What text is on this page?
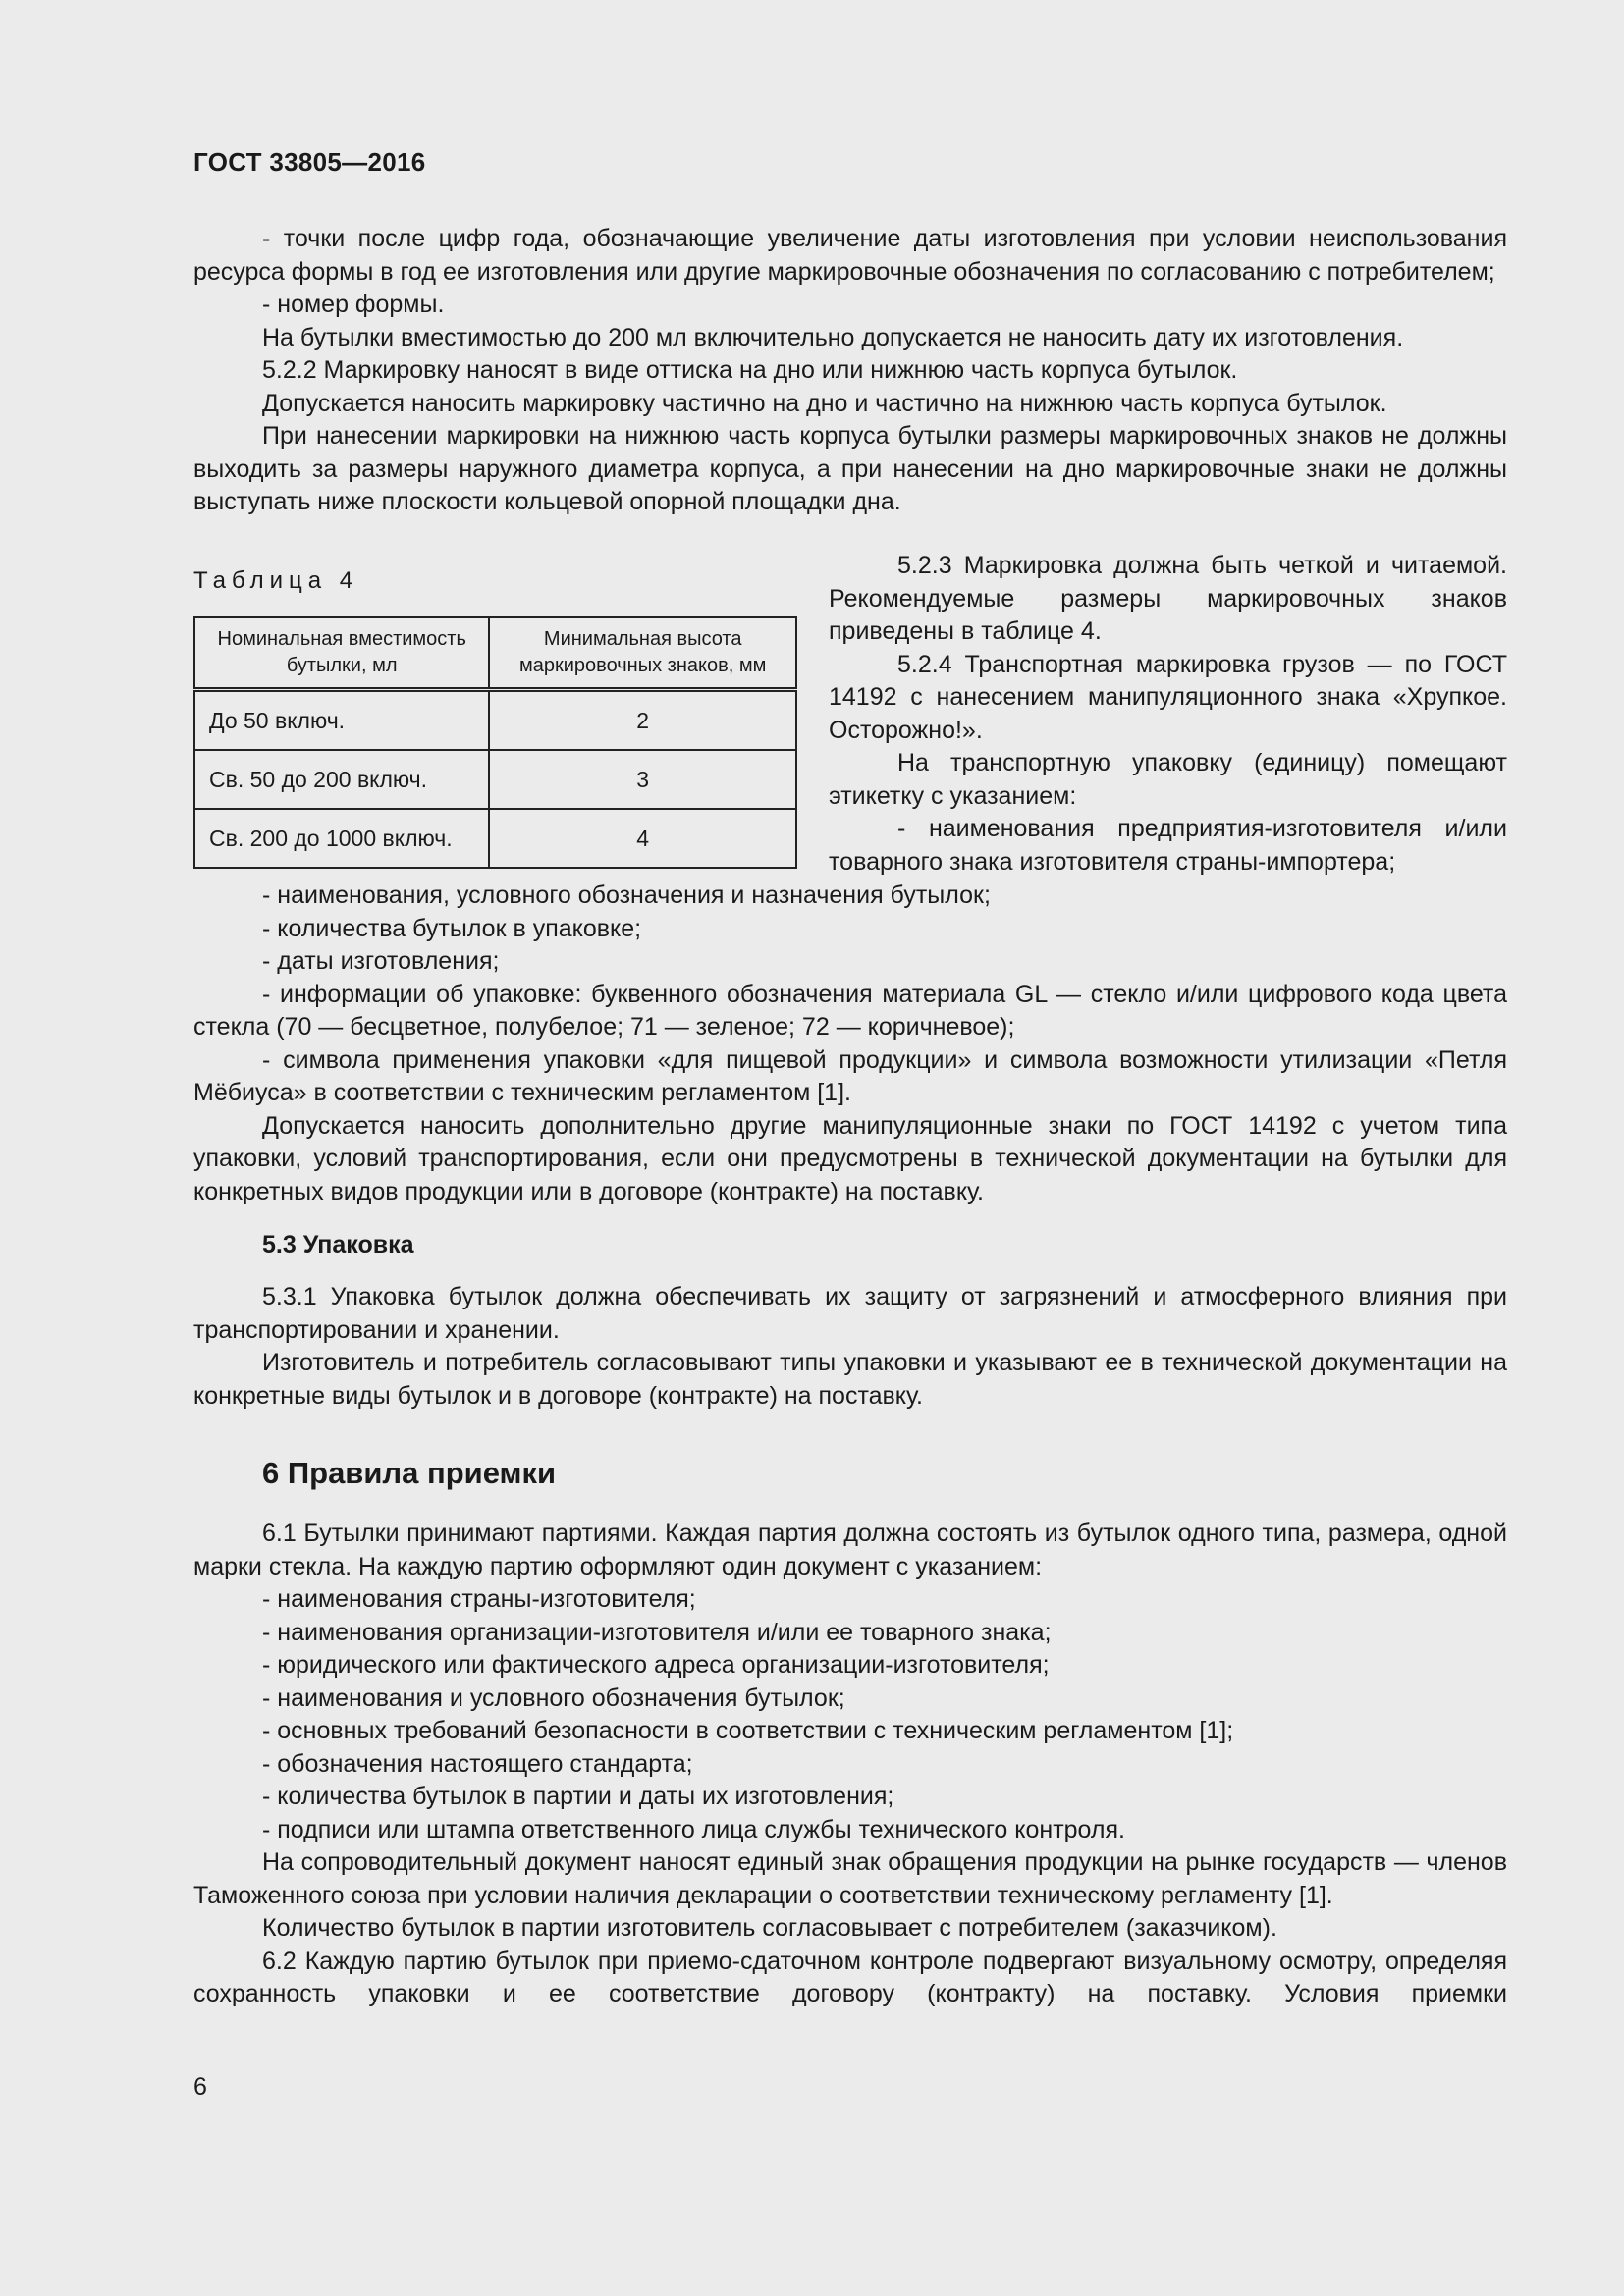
ГОСТ 33805—2016

- точки после цифр года, обозначающие увеличение даты изготовления при условии неиспользования ресурса формы в год ее изготовления или другие маркировочные обозначения по согласованию с потребителем;

- номер формы.

На бутылки вместимостью до 200 мл включительно допускается не наносить дату их изготовления.

5.2.2 Маркировку наносят в виде оттиска на дно или нижнюю часть корпуса бутылок.

Допускается наносить маркировку частично на дно и частично на нижнюю часть корпуса бутылок.

При нанесении маркировки на нижнюю часть корпуса бутылки размеры маркировочных знаков не должны выходить за размеры наружного диаметра корпуса, а при нанесении на дно маркировочные знаки не должны выступать ниже плоскости кольцевой опорной площадки дна.

Таблица 4
Номинальная вместимость бутылки, мл	Минимальная высота маркировочных знаков, мм
До 50 включ.	2
Св. 50 до 200 включ.	3
Св. 200 до 1000 включ.	4

5.2.3 Маркировка должна быть четкой и читаемой. Рекомендуемые размеры маркировочных знаков приведены в таблице 4.

5.2.4 Транспортная маркировка грузов — по ГОСТ 14192 с нанесением манипуляционного знака «Хрупкое. Осторожно!».

На транспортную упаковку (единицу) помещают этикетку с указанием:

- наименования предприятия-изготовителя и/или товарного знака изготовителя страны-импортера;

- наименования, условного обозначения и назначения бутылок;

- количества бутылок в упаковке;

- даты изготовления;

- информации об упаковке: буквенного обозначения материала GL — стекло и/или цифрового кода цвета стекла (70 — бесцветное, полубелое; 71 — зеленое; 72 — коричневое);

- символа применения упаковки «для пищевой продукции» и символа возможности утилизации «Петля Мёбиуса» в соответствии с техническим регламентом [1].

Допускается наносить дополнительно другие манипуляционные знаки по ГОСТ 14192 с учетом типа упаковки, условий транспортирования, если они предусмотрены в технической документации на бутылки для конкретных видов продукции или в договоре (контракте) на поставку.

5.3 Упаковка

5.3.1 Упаковка бутылок должна обеспечивать их защиту от загрязнений и атмосферного влияния при транспортировании и хранении.

Изготовитель и потребитель согласовывают типы упаковки и указывают ее в технической документации на конкретные виды бутылок и в договоре (контракте) на поставку.

6 Правила приемки

6.1 Бутылки принимают партиями. Каждая партия должна состоять из бутылок одного типа, размера, одной марки стекла. На каждую партию оформляют один документ с указанием:

- наименования страны-изготовителя;

- наименования организации-изготовителя и/или ее товарного знака;

- юридического или фактического адреса организации-изготовителя;

- наименования и условного обозначения бутылок;

- основных требований безопасности в соответствии с техническим регламентом [1];

- обозначения настоящего стандарта;

- количества бутылок в партии и даты их изготовления;

- подписи или штампа ответственного лица службы технического контроля.

На сопроводительный документ наносят единый знак обращения продукции на рынке государств — членов Таможенного союза при условии наличия декларации о соответствии техническому регламенту [1].

Количество бутылок в партии изготовитель согласовывает с потребителем (заказчиком).

6.2 Каждую партию бутылок при приемо-сдаточном контроле подвергают визуальному осмотру, определяя сохранность упаковки и ее соответствие договору (контракту) на поставку. Условия приемки

6
